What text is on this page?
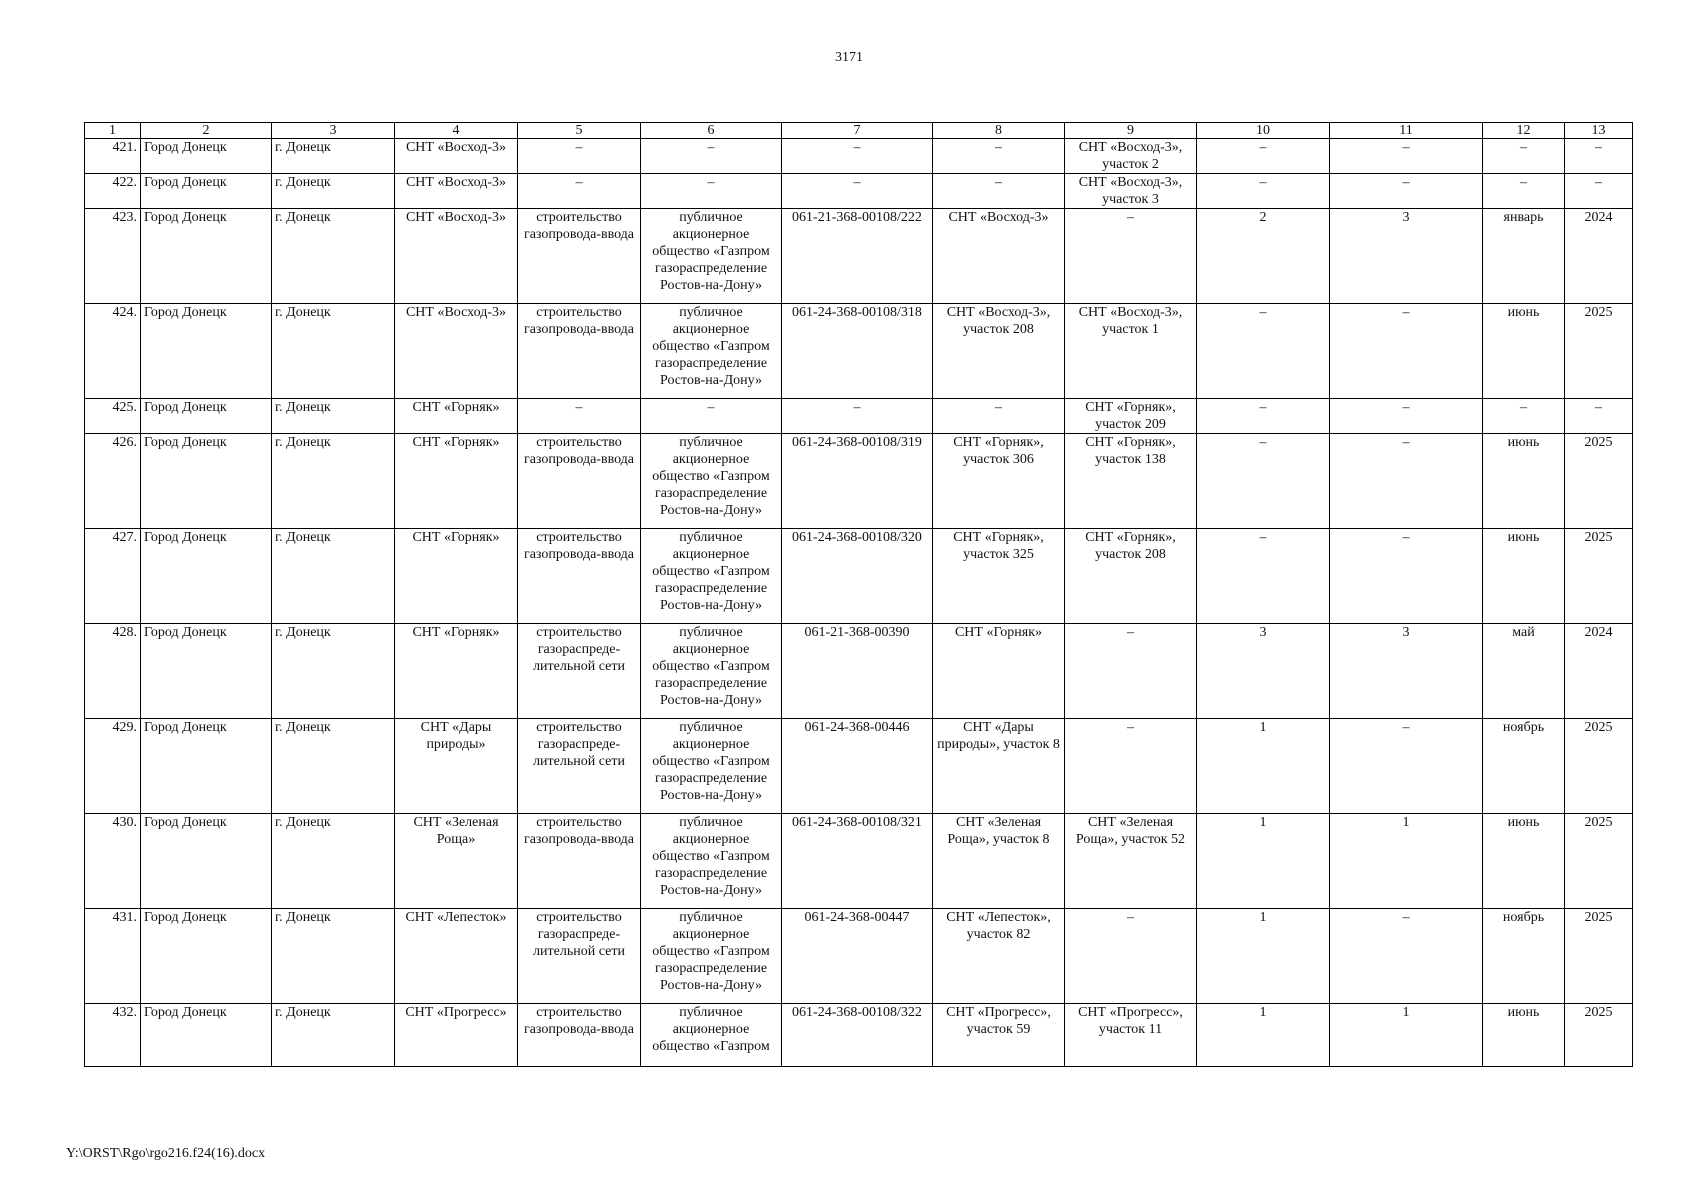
3171
1	2	3	4	5	6	7	8	9	10	11	12	13
421.	Город Донецк	г. Донецк	СНТ «Восход-3»	–	–	–	–	СНТ «Восход-3», участок 2	–	–	–	–
422.	Город Донецк	г. Донецк	СНТ «Восход-3»	–	–	–	–	СНТ «Восход-3», участок 3	–	–	–	–
423.	Город Донецк	г. Донецк	СНТ «Восход-3»	строительство газопровода-ввода	публичное акционерное общество «Газпром газораспределение Ростов-на-Дону»	061-21-368-00108/222	СНТ «Восход-3»	–	2	3	январь	2024
424.	Город Донецк	г. Донецк	СНТ «Восход-3»	строительство газопровода-ввода	публичное акционерное общество «Газпром газораспределение Ростов-на-Дону»	061-24-368-00108/318	СНТ «Восход-3», участок 208	СНТ «Восход-3», участок 1	–	–	июнь	2025
425.	Город Донецк	г. Донецк	СНТ «Горняк»	–	–	–	–	СНТ «Горняк», участок 209	–	–	–	–
426.	Город Донецк	г. Донецк	СНТ «Горняк»	строительство газопровода-ввода	публичное акционерное общество «Газпром газораспределение Ростов-на-Дону»	061-24-368-00108/319	СНТ «Горняк», участок 306	СНТ «Горняк», участок 138	–	–	июнь	2025
427.	Город Донецк	г. Донецк	СНТ «Горняк»	строительство газопровода-ввода	публичное акционерное общество «Газпром газораспределение Ростов-на-Дону»	061-24-368-00108/320	СНТ «Горняк», участок 325	СНТ «Горняк», участок 208	–	–	июнь	2025
428.	Город Донецк	г. Донецк	СНТ «Горняк»	строительство газораспреде-лительной сети	публичное акционерное общество «Газпром газораспределение Ростов-на-Дону»	061-21-368-00390	СНТ «Горняк»	–	3	3	май	2024
429.	Город Донецк	г. Донецк	СНТ «Дары природы»	строительство газораспреде-лительной сети	публичное акционерное общество «Газпром газораспределение Ростов-на-Дону»	061-24-368-00446	СНТ «Дары природы», участок 8	–	1	–	ноябрь	2025
430.	Город Донецк	г. Донецк	СНТ «Зеленая Роща»	строительство газопровода-ввода	публичное акционерное общество «Газпром газораспределение Ростов-на-Дону»	061-24-368-00108/321	СНТ «Зеленая Роща», участок 8	СНТ «Зеленая Роща», участок 52	1	1	июнь	2025
431.	Город Донецк	г. Донецк	СНТ «Лепесток»	строительство газораспреде-лительной сети	публичное акционерное общество «Газпром газораспределение Ростов-на-Дону»	061-24-368-00447	СНТ «Лепесток», участок 82	–	1	–	ноябрь	2025
432.	Город Донецк	г. Донецк	СНТ «Прогресс»	строительство газопровода-ввода	публичное акционерное общество «Газпром	061-24-368-00108/322	СНТ «Прогресс», участок 59	СНТ «Прогресс», участок 11	1	1	июнь	2025
Y:\ORST\Rgo\rgo216.f24(16).docx
